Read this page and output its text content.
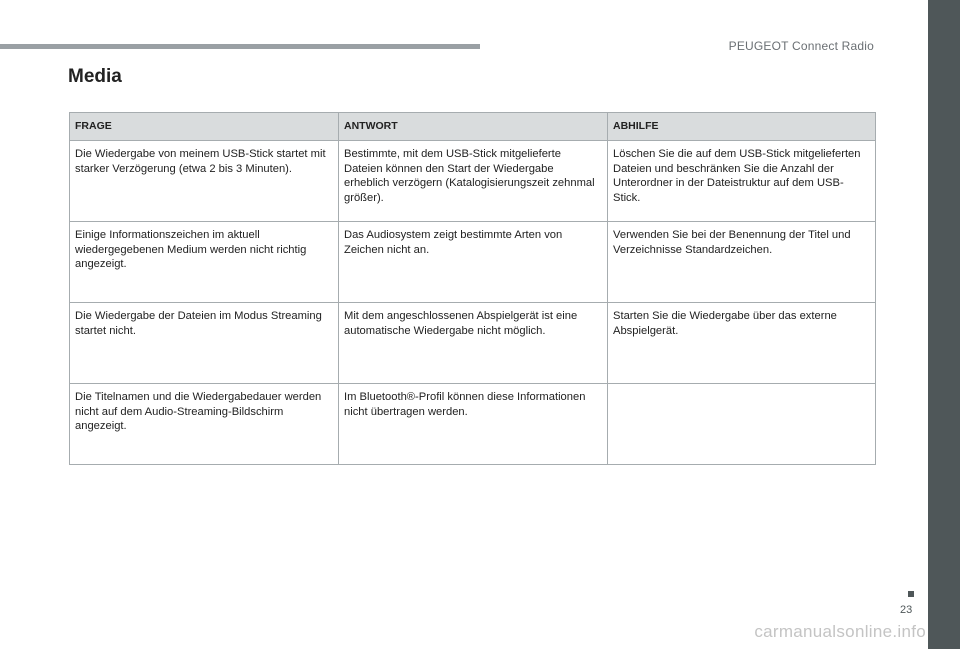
PEUGEOT Connect Radio
Media
FRAGE	ANTWORT	ABHILFE
Die Wiedergabe von meinem USB-Stick startet mit starker Verzögerung (etwa 2 bis 3 Minuten).	Bestimmte, mit dem USB-Stick mitgelieferte Dateien können den Start der Wiedergabe erheblich verzögern (Katalogisierungszeit zehnmal größer).	Löschen Sie die auf dem USB-Stick mitgelieferten Dateien und beschränken Sie die Anzahl der Unterordner in der Dateistruktur auf dem USB-Stick.
Einige Informationszeichen im aktuell wiedergegebenen Medium werden nicht richtig angezeigt.	Das Audiosystem zeigt bestimmte Arten von Zeichen nicht an.	Verwenden Sie bei der Benennung der Titel und Verzeichnisse Standardzeichen.
Die Wiedergabe der Dateien im Modus Streaming startet nicht.	Mit dem angeschlossenen Abspielgerät ist eine automatische Wiedergabe nicht möglich.	Starten Sie die Wiedergabe über das externe Abspielgerät.
Die Titelnamen und die Wiedergabedauer werden nicht auf dem Audio-Streaming-Bildschirm angezeigt.	Im Bluetooth®-Profil können diese Informationen nicht übertragen werden.	
23
carmanualsonline.info
